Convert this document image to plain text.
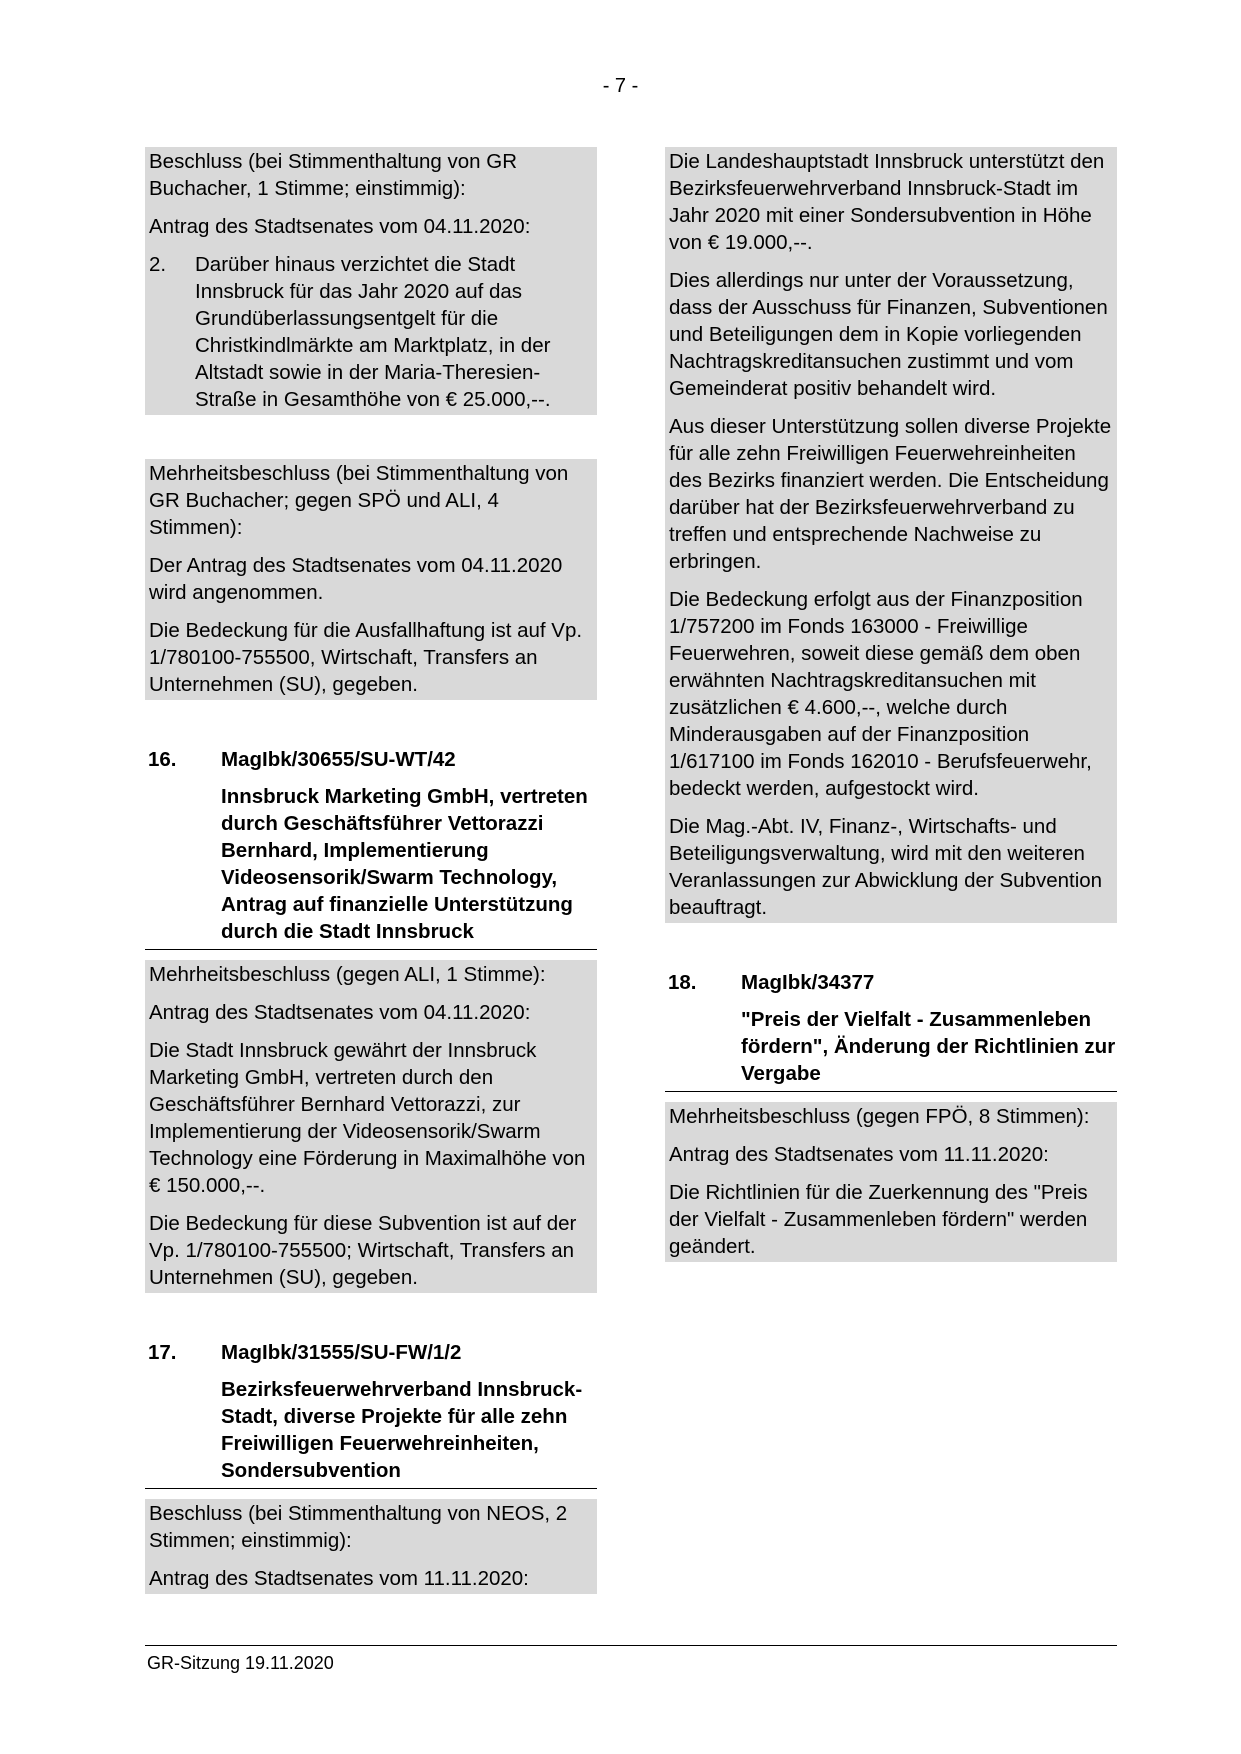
- 7 -

Beschluss (bei Stimmenthaltung von GR Buchacher, 1 Stimme; einstimmig):

Antrag des Stadtsenates vom 04.11.2020:

2.	Darüber hinaus verzichtet die Stadt Innsbruck für das Jahr 2020 auf das Grundüberlassungsentgelt für die Christkindlmärkte am Marktplatz, in der Altstadt sowie in der Maria-Theresien-Straße in Gesamthöhe von € 25.000,--.

Mehrheitsbeschluss (bei Stimmenthaltung von GR Buchacher; gegen SPÖ und ALI, 4 Stimmen):

Der Antrag des Stadtsenates vom 04.11.2020 wird angenommen.

Die Bedeckung für die Ausfallhaftung ist auf Vp. 1/780100-755500, Wirtschaft, Transfers an Unternehmen (SU), gegeben.

16.	MagIbk/30655/SU-WT/42
Innsbruck Marketing GmbH, vertreten durch Geschäftsführer Vettorazzi Bernhard, Implementierung Videosensorik/Swarm Technology, Antrag auf finanzielle Unterstützung durch die Stadt Innsbruck

Mehrheitsbeschluss (gegen ALI, 1 Stimme):

Antrag des Stadtsenates vom 04.11.2020:

Die Stadt Innsbruck gewährt der Innsbruck Marketing GmbH, vertreten durch den Geschäftsführer Bernhard Vettorazzi, zur Implementierung der Videosensorik/Swarm Technology eine Förderung in Maximalhöhe von € 150.000,--.

Die Bedeckung für diese Subvention ist auf der Vp. 1/780100-755500; Wirtschaft, Transfers an Unternehmen (SU), gegeben.

17.	MagIbk/31555/SU-FW/1/2
Bezirksfeuerwehrverband Innsbruck-Stadt, diverse Projekte für alle zehn Freiwilligen Feuerwehreinheiten, Sondersubvention

Beschluss (bei Stimmenthaltung von NEOS, 2 Stimmen; einstimmig):

Antrag des Stadtsenates vom 11.11.2020:

Die Landeshauptstadt Innsbruck unterstützt den Bezirksfeuerwehrverband Innsbruck-Stadt im Jahr 2020 mit einer Sondersubvention in Höhe von € 19.000,--.

Dies allerdings nur unter der Voraussetzung, dass der Ausschuss für Finanzen, Subventionen und Beteiligungen dem in Kopie vorliegenden Nachtragskreditansuchen zustimmt und vom Gemeinderat positiv behandelt wird.

Aus dieser Unterstützung sollen diverse Projekte für alle zehn Freiwilligen Feuerwehreinheiten des Bezirks finanziert werden. Die Entscheidung darüber hat der Bezirksfeuerwehrverband zu treffen und entsprechende Nachweise zu erbringen.

Die Bedeckung erfolgt aus der Finanzposition 1/757200 im Fonds 163000 - Freiwillige Feuerwehren, soweit diese gemäß dem oben erwähnten Nachtragskreditansuchen mit zusätzlichen € 4.600,--, welche durch Minderausgaben auf der Finanzposition 1/617100 im Fonds 162010 - Berufsfeuerwehr, bedeckt werden, aufgestockt wird.

Die Mag.-Abt. IV, Finanz-, Wirtschafts- und Beteiligungsverwaltung, wird mit den weiteren Veranlassungen zur Abwicklung der Subvention beauftragt.

18.	MagIbk/34377
"Preis der Vielfalt - Zusammenleben fördern", Änderung der Richtlinien zur Vergabe

Mehrheitsbeschluss (gegen FPÖ, 8 Stimmen):

Antrag des Stadtsenates vom 11.11.2020:

Die Richtlinien für die Zuerkennung des "Preis der Vielfalt - Zusammenleben fördern" werden geändert.

GR-Sitzung 19.11.2020
